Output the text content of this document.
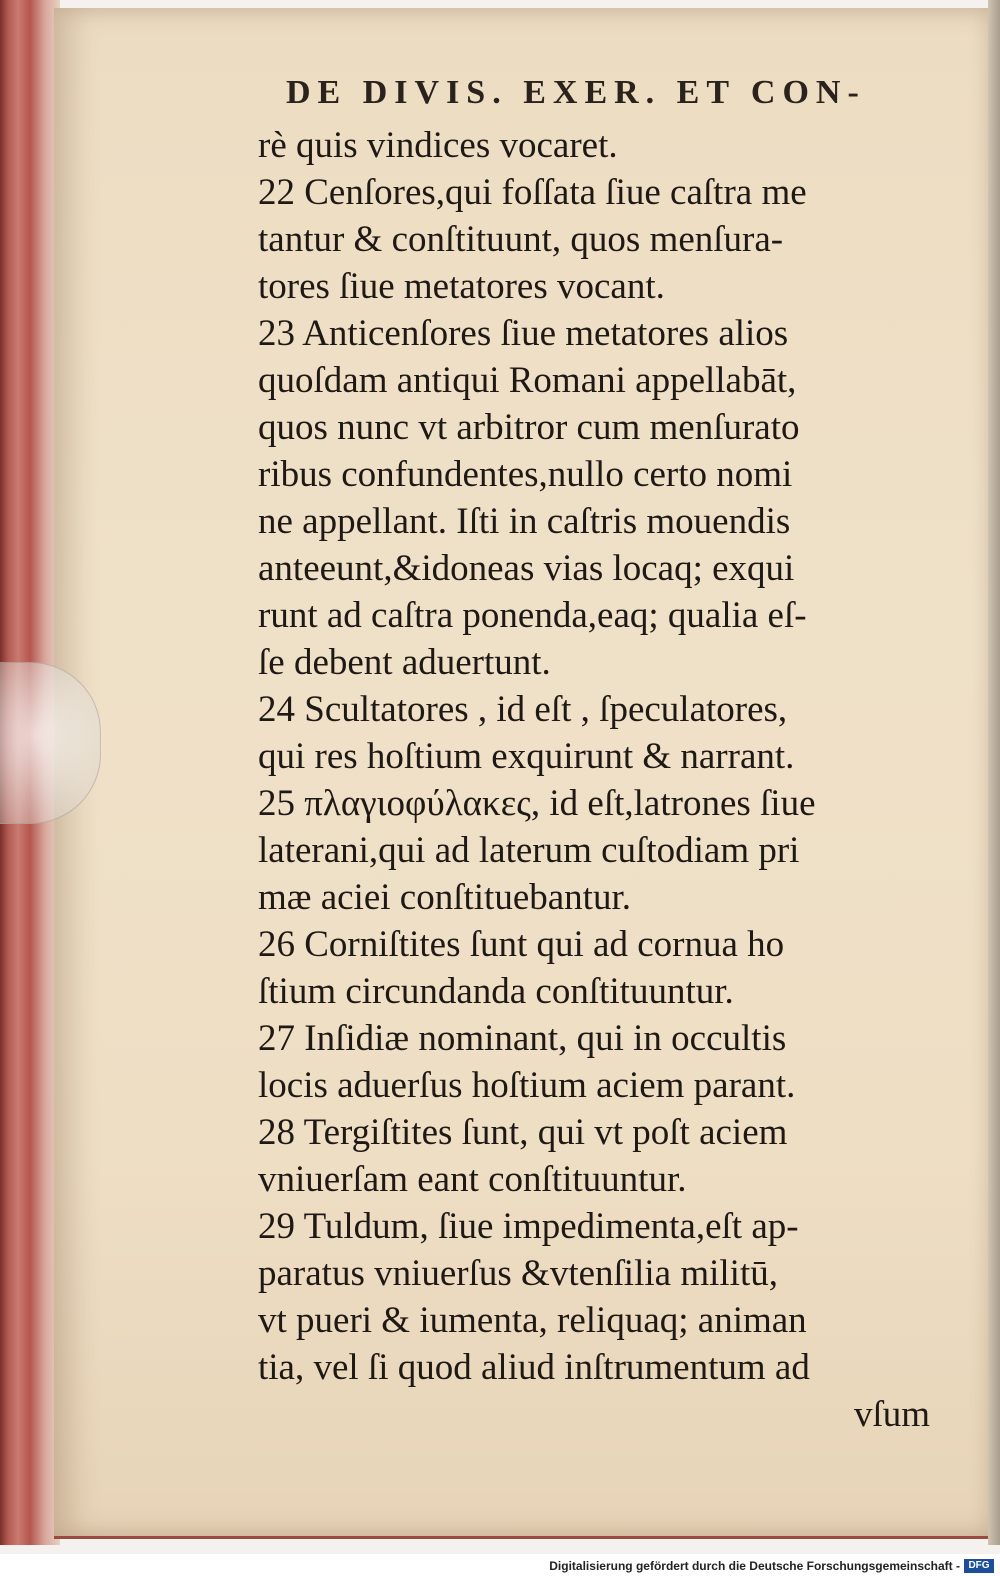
DE DIVIS. EXER. ET CON-
rè quis vindices vocaret.
22 Cenſores,qui foſſata ſiue caſtra me
tantur & conſtituunt, quos menſura-
tores ſiue metatores vocant.
23 Anticenſores ſiue metatores alios
quoſdam antiqui Romani appellabāt,
quos nunc vt arbitror cum menſurato
ribus confundentes,nullo certo nomi
ne appellant. Iſti in caſtris mouendis
anteeunt,&idoneas vias locaq; exqui
runt ad caſtra ponenda,eaq; qualia eſ-
ſe debent aduertunt.
24 Scultatores , id eſt , ſpeculatores,
qui res hoſtium exquirunt & narrant.
25 πλαγιοφύλακες, id eſt,latrones ſiue
laterani,qui ad laterum cuſtodiam pri
mæ aciei conſtituebantur.
26 Corniſtites ſunt qui ad cornua ho
ſtium circundanda conſtituuntur.
27 Inſidiæ nominant, qui in occultis
locis aduerſus hoſtium aciem parant.
28 Tergiſtites ſunt, qui vt poſt aciem
vniuerſam eant conſtituuntur.
29 Tuldum, ſiue impedimenta,eſt ap-
paratus vniuerſus &vtenſilia militū,
vt pueri & iumenta, reliquaq; animan
tia, vel ſi quod aliud inſtrumentum ad
vſum
Digitalisierung gefördert durch die Deutsche Forschungsgemeinschaft - DFG
